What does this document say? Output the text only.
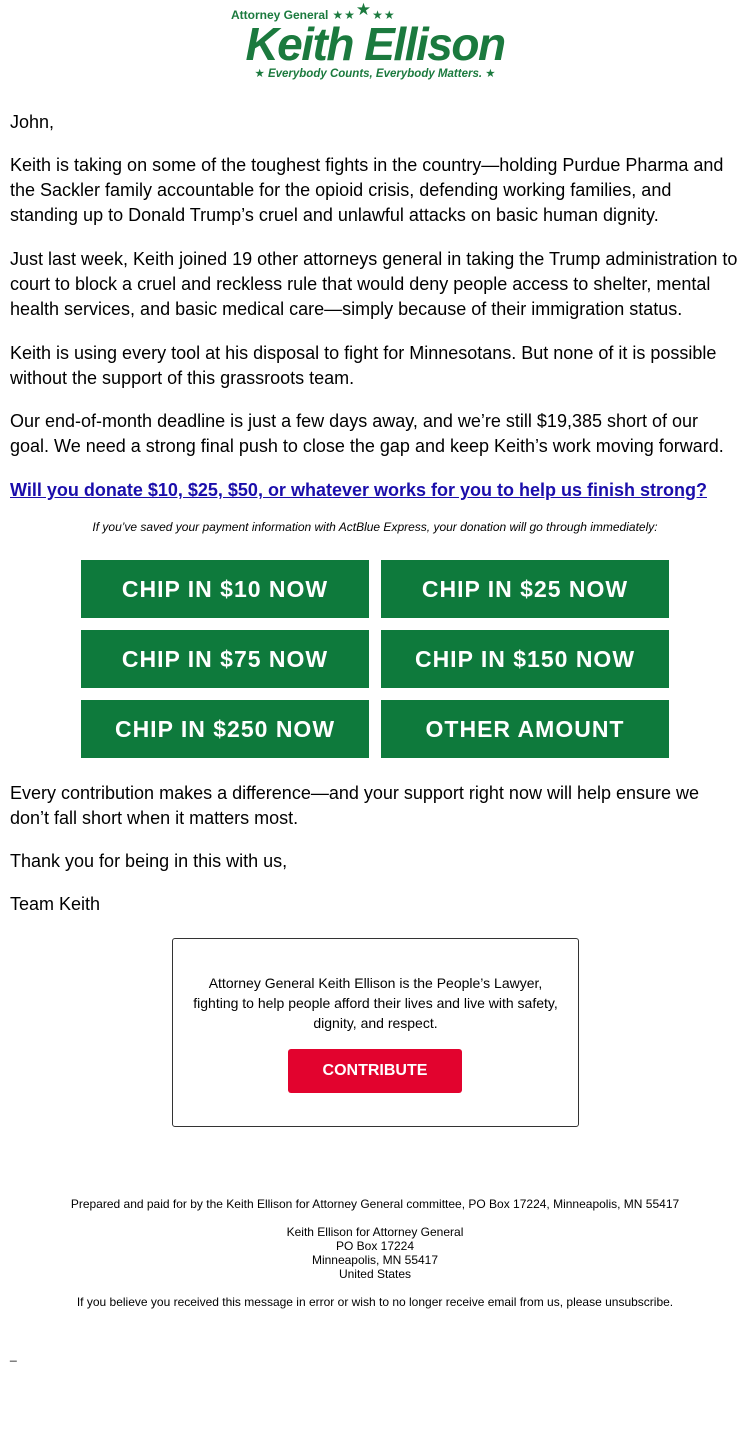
Attorney General ★★★★★
Keith Ellison
★ Everybody Counts, Everybody Matters. ★

John,

Keith is taking on some of the toughest fights in the country—holding Purdue Pharma and the Sackler family accountable for the opioid crisis, defending working families, and standing up to Donald Trump’s cruel and unlawful attacks on basic human dignity.

Just last week, Keith joined 19 other attorneys general in taking the Trump administration to court to block a cruel and reckless rule that would deny people access to shelter, mental health services, and basic medical care—simply because of their immigration status.

Keith is using every tool at his disposal to fight for Minnesotans. But none of it is possible without the support of this grassroots team.

Our end-of-month deadline is just a few days away, and we’re still $19,385 short of our goal. We need a strong final push to close the gap and keep Keith’s work moving forward.

Will you donate $10, $25, $50, or whatever works for you to help us finish strong?
If you’ve saved your payment information with ActBlue Express, your donation will go through immediately:
CHIP IN $10 NOW	CHIP IN $25 NOW
CHIP IN $75 NOW	CHIP IN $150 NOW
CHIP IN $250 NOW	OTHER AMOUNT

Every contribution makes a difference—and your support right now will help ensure we don’t fall short when it matters most.

Thank you for being in this with us,

Team Keith

Attorney General Keith Ellison is the People’s Lawyer, fighting to help people afford their lives and live with safety, dignity, and respect.
CONTRIBUTE
Prepared and paid for by the Keith Ellison for Attorney General committee, PO Box 17224, Minneapolis, MN 55417
Keith Ellison for Attorney General
PO Box 17224
Minneapolis, MN 55417
United States
If you believe you received this message in error or wish to no longer receive email from us, please unsubscribe.
_
